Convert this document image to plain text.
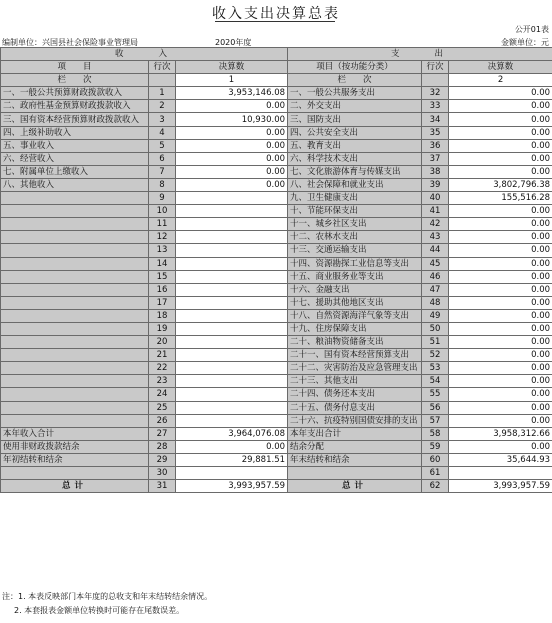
收入支出决算总表
公开01表
编制单位：兴国县社会保险事业管理局	2020年度	金额单位：元
收　　入			支　　出		
项　　目	行次	决算数	项目（按功能分类）	行次	决算数
栏　　次		1	栏　　次		2
一、一般公共预算财政拨款收入	1	3,953,146.08	一、一般公共服务支出	32	0.00
二、政府性基金预算财政拨款收入	2	0.00	二、外交支出	33	0.00
三、国有资本经营预算财政拨款收入	3	10,930.00	三、国防支出	34	0.00
四、上级补助收入	4	0.00	四、公共安全支出	35	0.00
五、事业收入	5	0.00	五、教育支出	36	0.00
六、经营收入	6	0.00	六、科学技术支出	37	0.00
七、附属单位上缴收入	7	0.00	七、文化旅游体育与传媒支出	38	0.00
八、其他收入	8	0.00	八、社会保障和就业支出	39	3,802,796.38
	9		九、卫生健康支出	40	155,516.28
	10		十、节能环保支出	41	0.00
	11		十一、城乡社区支出	42	0.00
	12		十二、农林水支出	43	0.00
	13		十三、交通运输支出	44	0.00
	14		十四、资源勘探工业信息等支出	45	0.00
	15		十五、商业服务业等支出	46	0.00
	16		十六、金融支出	47	0.00
	17		十七、援助其他地区支出	48	0.00
	18		十八、自然资源海洋气象等支出	49	0.00
	19		十九、住房保障支出	50	0.00
	20		二十、粮油物资储备支出	51	0.00
	21		二十一、国有资本经营预算支出	52	0.00
	22		二十二、灾害防治及应急管理支出	53	0.00
	23		二十三、其他支出	54	0.00
	24		二十四、债务还本支出	55	0.00
	25		二十五、债务付息支出	56	0.00
	26		二十六、抗疫特别国债安排的支出	57	0.00
本年收入合计	27	3,964,076.08	本年支出合计	58	3,958,312.66
使用非财政拨款结余	28	0.00	结余分配	59	0.00
年初结转和结余	29	29,881.51	年末结转和结余	60	35,644.93
	30			61	
总计	31	3,993,957.59	总计	62	3,993,957.59
注：1. 本表反映部门本年度的总收支和年末结转结余情况。
2. 本套报表金额单位转换时可能存在尾数误差。
